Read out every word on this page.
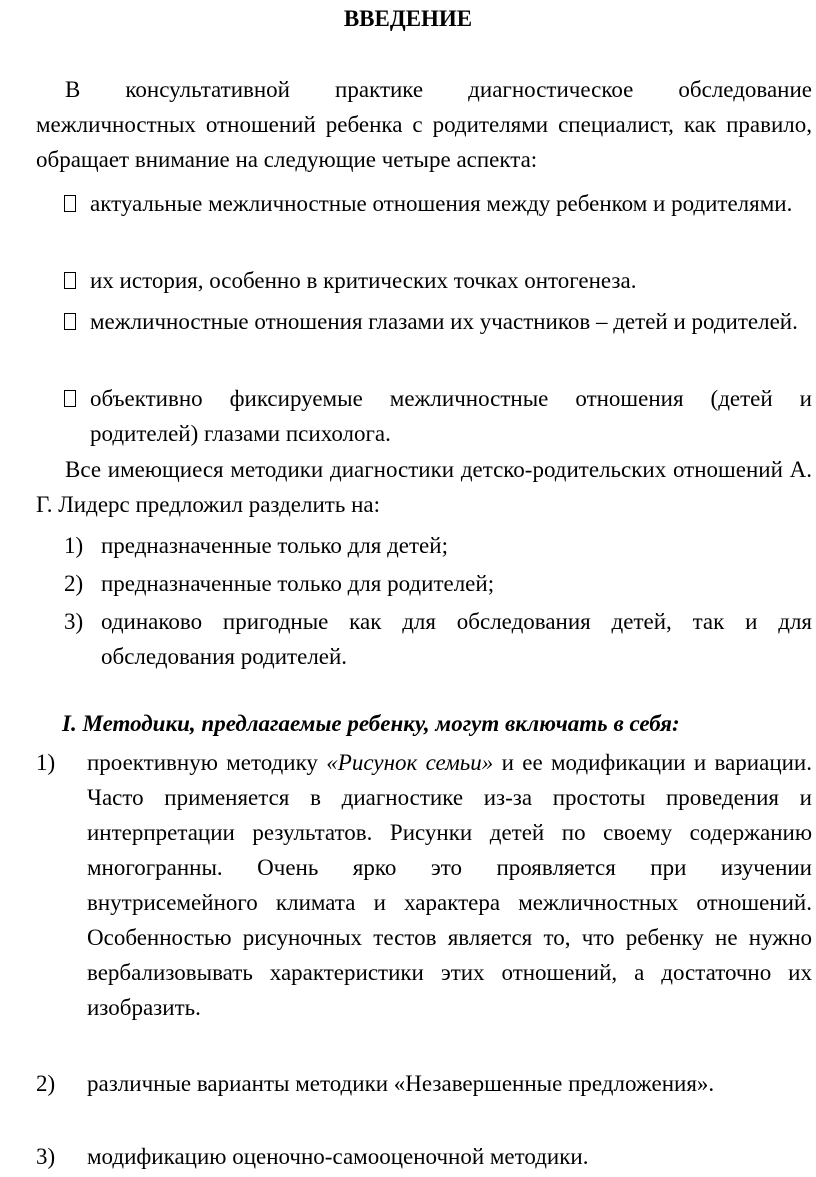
ВВЕДЕНИЕ
В консультативной практике диагностическое обследование межличностных отношений ребенка с родителями специалист, как правило, обращает внимание на следующие четыре аспекта:
актуальные межличностные отношения между ребенком и родителями.
их история, особенно в критических точках онтогенеза.
межличностные отношения глазами их участников – детей и родителей.
объективно фиксируемые межличностные отношения (детей и родителей) глазами психолога.
Все имеющиеся методики диагностики детско-родительских отношений А. Г. Лидерс предложил разделить на:
1) предназначенные только для детей;
2) предназначенные только для родителей;
3) одинаково пригодные как для обследования детей, так и для обследования родителей.
I. Методики, предлагаемые ребенку, могут включать в себя:
1)	проективную методику «Рисунок семьи» и ее модификации и вариации. Часто применяется в диагностике из-за простоты проведения и интерпретации результатов. Рисунки детей по своему содержанию многогранны. Очень ярко это проявляется при изучении внутрисемейного климата и характера межличностных отношений. Особенностью рисуночных тестов является то, что ребенку не нужно вербализовывать характеристики этих отношений, а достаточно их изобразить.
2)	различные варианты методики «Незавершенные предложения».
3)	модификацию оценочно-самооценочной методики.
